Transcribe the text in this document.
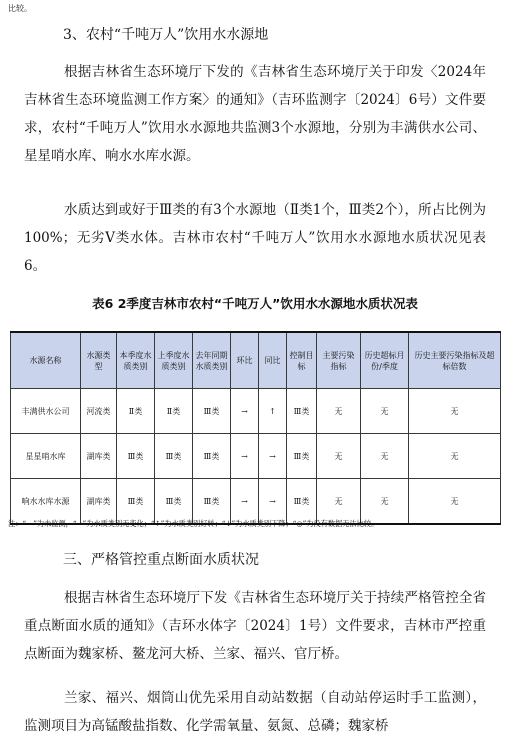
比较。
3、农村“千吨万人”饮用水水源地

根据吉林省生态环境厅下发的《吉林省生态环境厅关于印发〈2024年吉林省生态环境监测工作方案〉的通知》（吉环监测字〔2024〕6号）文件要求，农村“千吨万人”饮用水水源地共监测3个水源地，分别为丰满供水公司、星星哨水库、响水水库水源。

水质达到或好于Ⅲ类的有3个水源地（Ⅱ类1个，Ⅲ类2个），所占比例为100%；无劣Ⅴ类水体。吉林市农村“千吨万人”饮用水水源地水质状况见表6。

表6 2季度吉林市农村“千吨万人”饮用水水源地水质状况表
水源名称	水源类型	本季度水质类别	上季度水质类别	去年同期水质类别	环比	同比	控制目标	主要污染指标	历史超标月份/季度	历史主要污染指标及超标倍数
丰满供水公司	河流类	Ⅱ类	Ⅱ类	Ⅲ类	→	↑	Ⅲ类	无	无	无
星星哨水库	湖库类	Ⅲ类	Ⅲ类	Ⅲ类	→	→	Ⅲ类	无	无	无
响水水库水源	湖库类	Ⅲ类	Ⅲ类	Ⅲ类	→	→	Ⅲ类	无	无	无
注：“—”为未监测，“→”为水质类别无变化；“↑”为水质类别好转；“↓”为水质类别下降；“◎”为没有数据无法比较。
三、严格管控重点断面水质状况

根据吉林省生态环境厅下发《吉林省生态环境厅关于持续严格管控全省重点断面水质的通知》（吉环水体字〔2024〕1号）文件要求，吉林市严控重点断面为魏家桥、鳌龙河大桥、兰家、福兴、官厅桥。

兰家、福兴、烟筒山优先采用自动站数据（自动站停运时手工监测），监测项目为高锰酸盐指数、化学需氧量、氨氮、总磷；魏家桥
